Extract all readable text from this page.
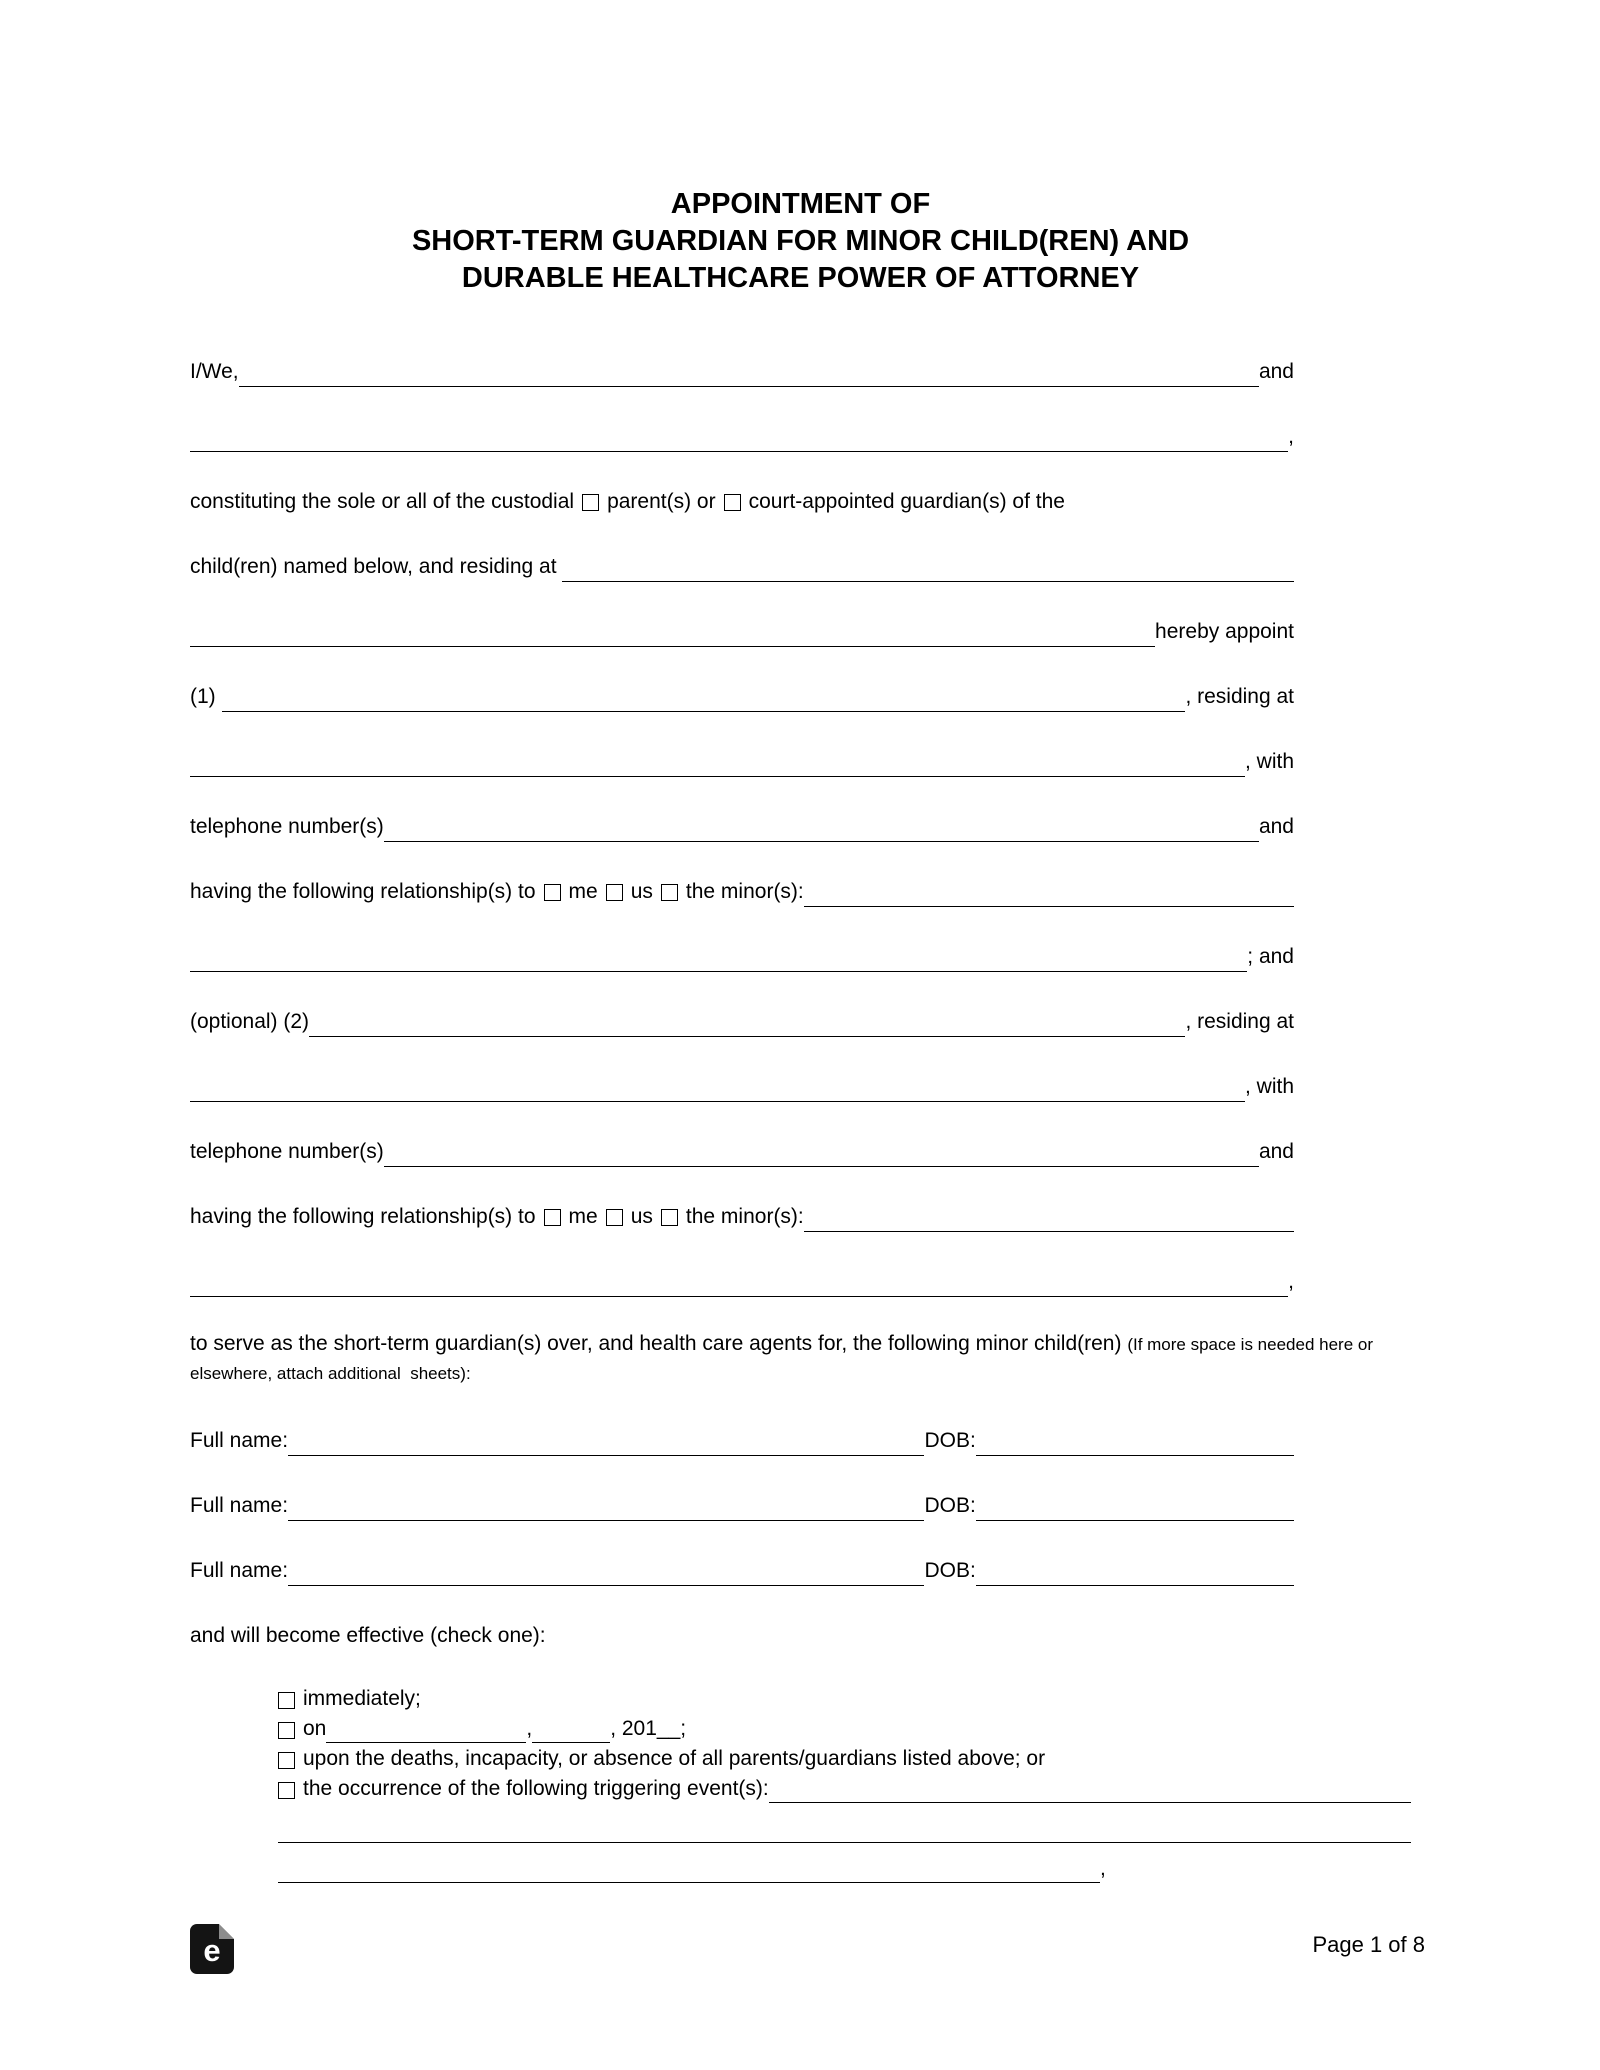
APPOINTMENT OF
SHORT-TERM GUARDIAN FOR MINOR CHILD(REN) AND
DURABLE HEALTHCARE POWER OF ATTORNEY
I/We,	and
,
constituting the sole or all of the custodial parent(s) or court-appointed guardian(s) of the
child(ren) named below, and residing at
hereby appoint
(1)	, residing at
, with
telephone number(s)	and
having the following relationship(s) to me us the minor(s):
; and
(optional) (2)	, residing at
, with
telephone number(s)	and
having the following relationship(s) to me us the minor(s):
,
to serve as the short-term guardian(s) over, and health care agents for, the following minor child(ren) (If more space is needed here or elsewhere, attach additional  sheets):
Full name:	DOB:
Full name:	DOB:
Full name:	DOB:
and will become effective (check one):
immediately;
on	,	, 201__;
upon the deaths, incapacity, or absence of all parents/guardians listed above; or
the occurrence of the following triggering event(s):
,
e	Page 1 of 8
